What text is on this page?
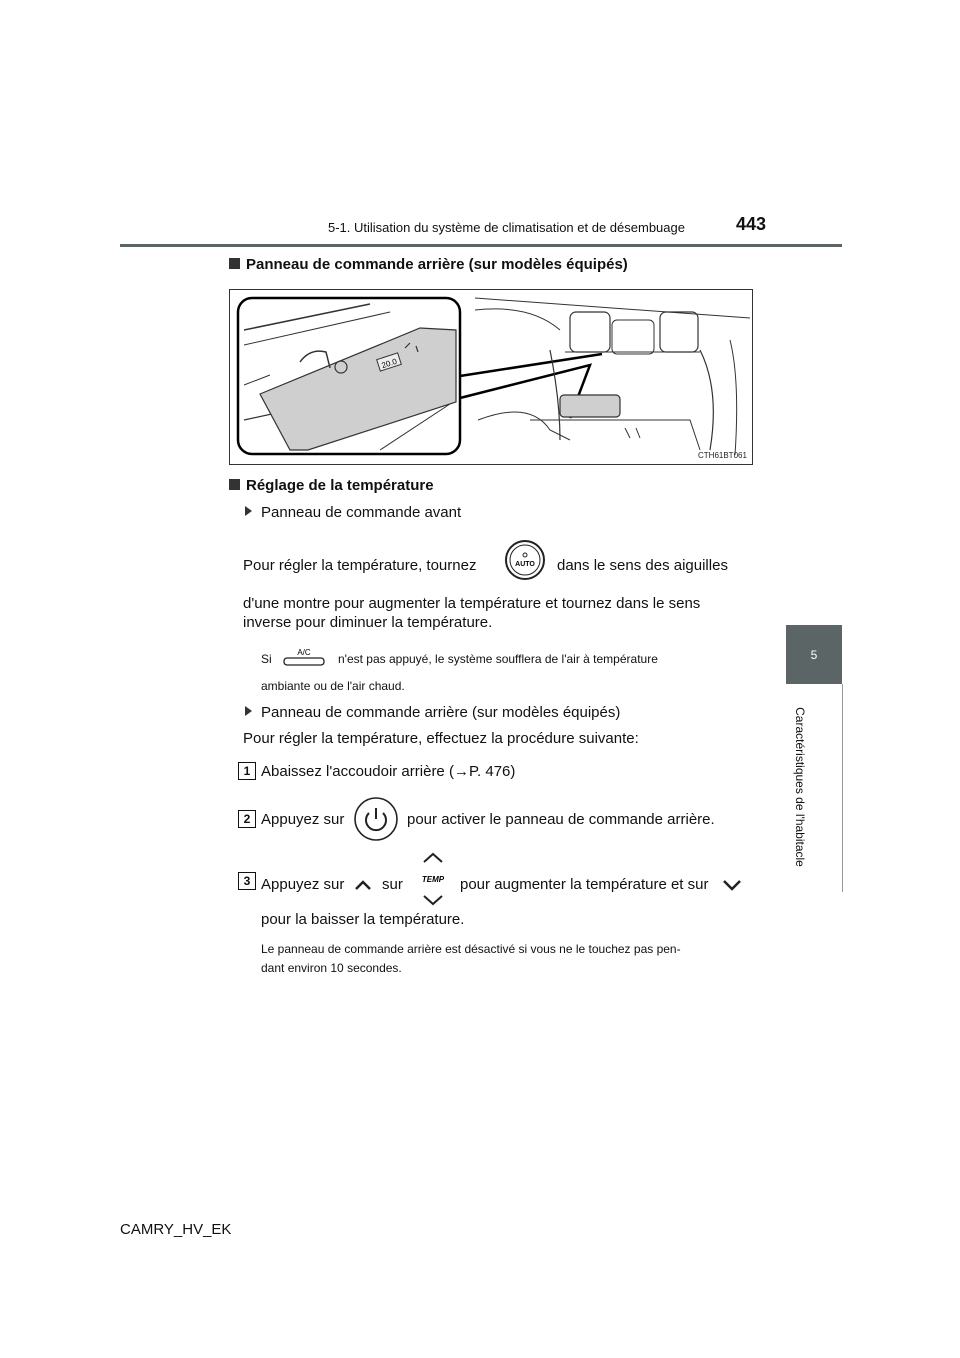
5-1. Utilisation du système de climatisation et de désembuage	443
5
Caractéristiques de l'habitacle
Panneau de commande arrière (sur modèles équipés)
20.0
CTH61BT061
Réglage de la température
Panneau de commande avant
Pour régler la température, tournez	AUTO dans le sens des aiguilles
d'une montre pour augmenter la température et tournez dans le sens
inverse pour diminuer la température.
Si	A/C n'est pas appuyé, le système soufflera de l'air à température
ambiante ou de l'air chaud.
Panneau de commande arrière (sur modèles équipés)
Pour régler la température, effectuez la procédure suivante:
1 Abaissez l'accoudoir arrière (→P. 476)
2 Appuyez sur	pour activer le panneau de commande arrière.
3 Appuyez sur	sur TEMP pour augmenter la température et sur
pour la baisser la température.
Le panneau de commande arrière est désactivé si vous ne le touchez pas pen-
dant environ 10 secondes.
CAMRY_HV_EK
